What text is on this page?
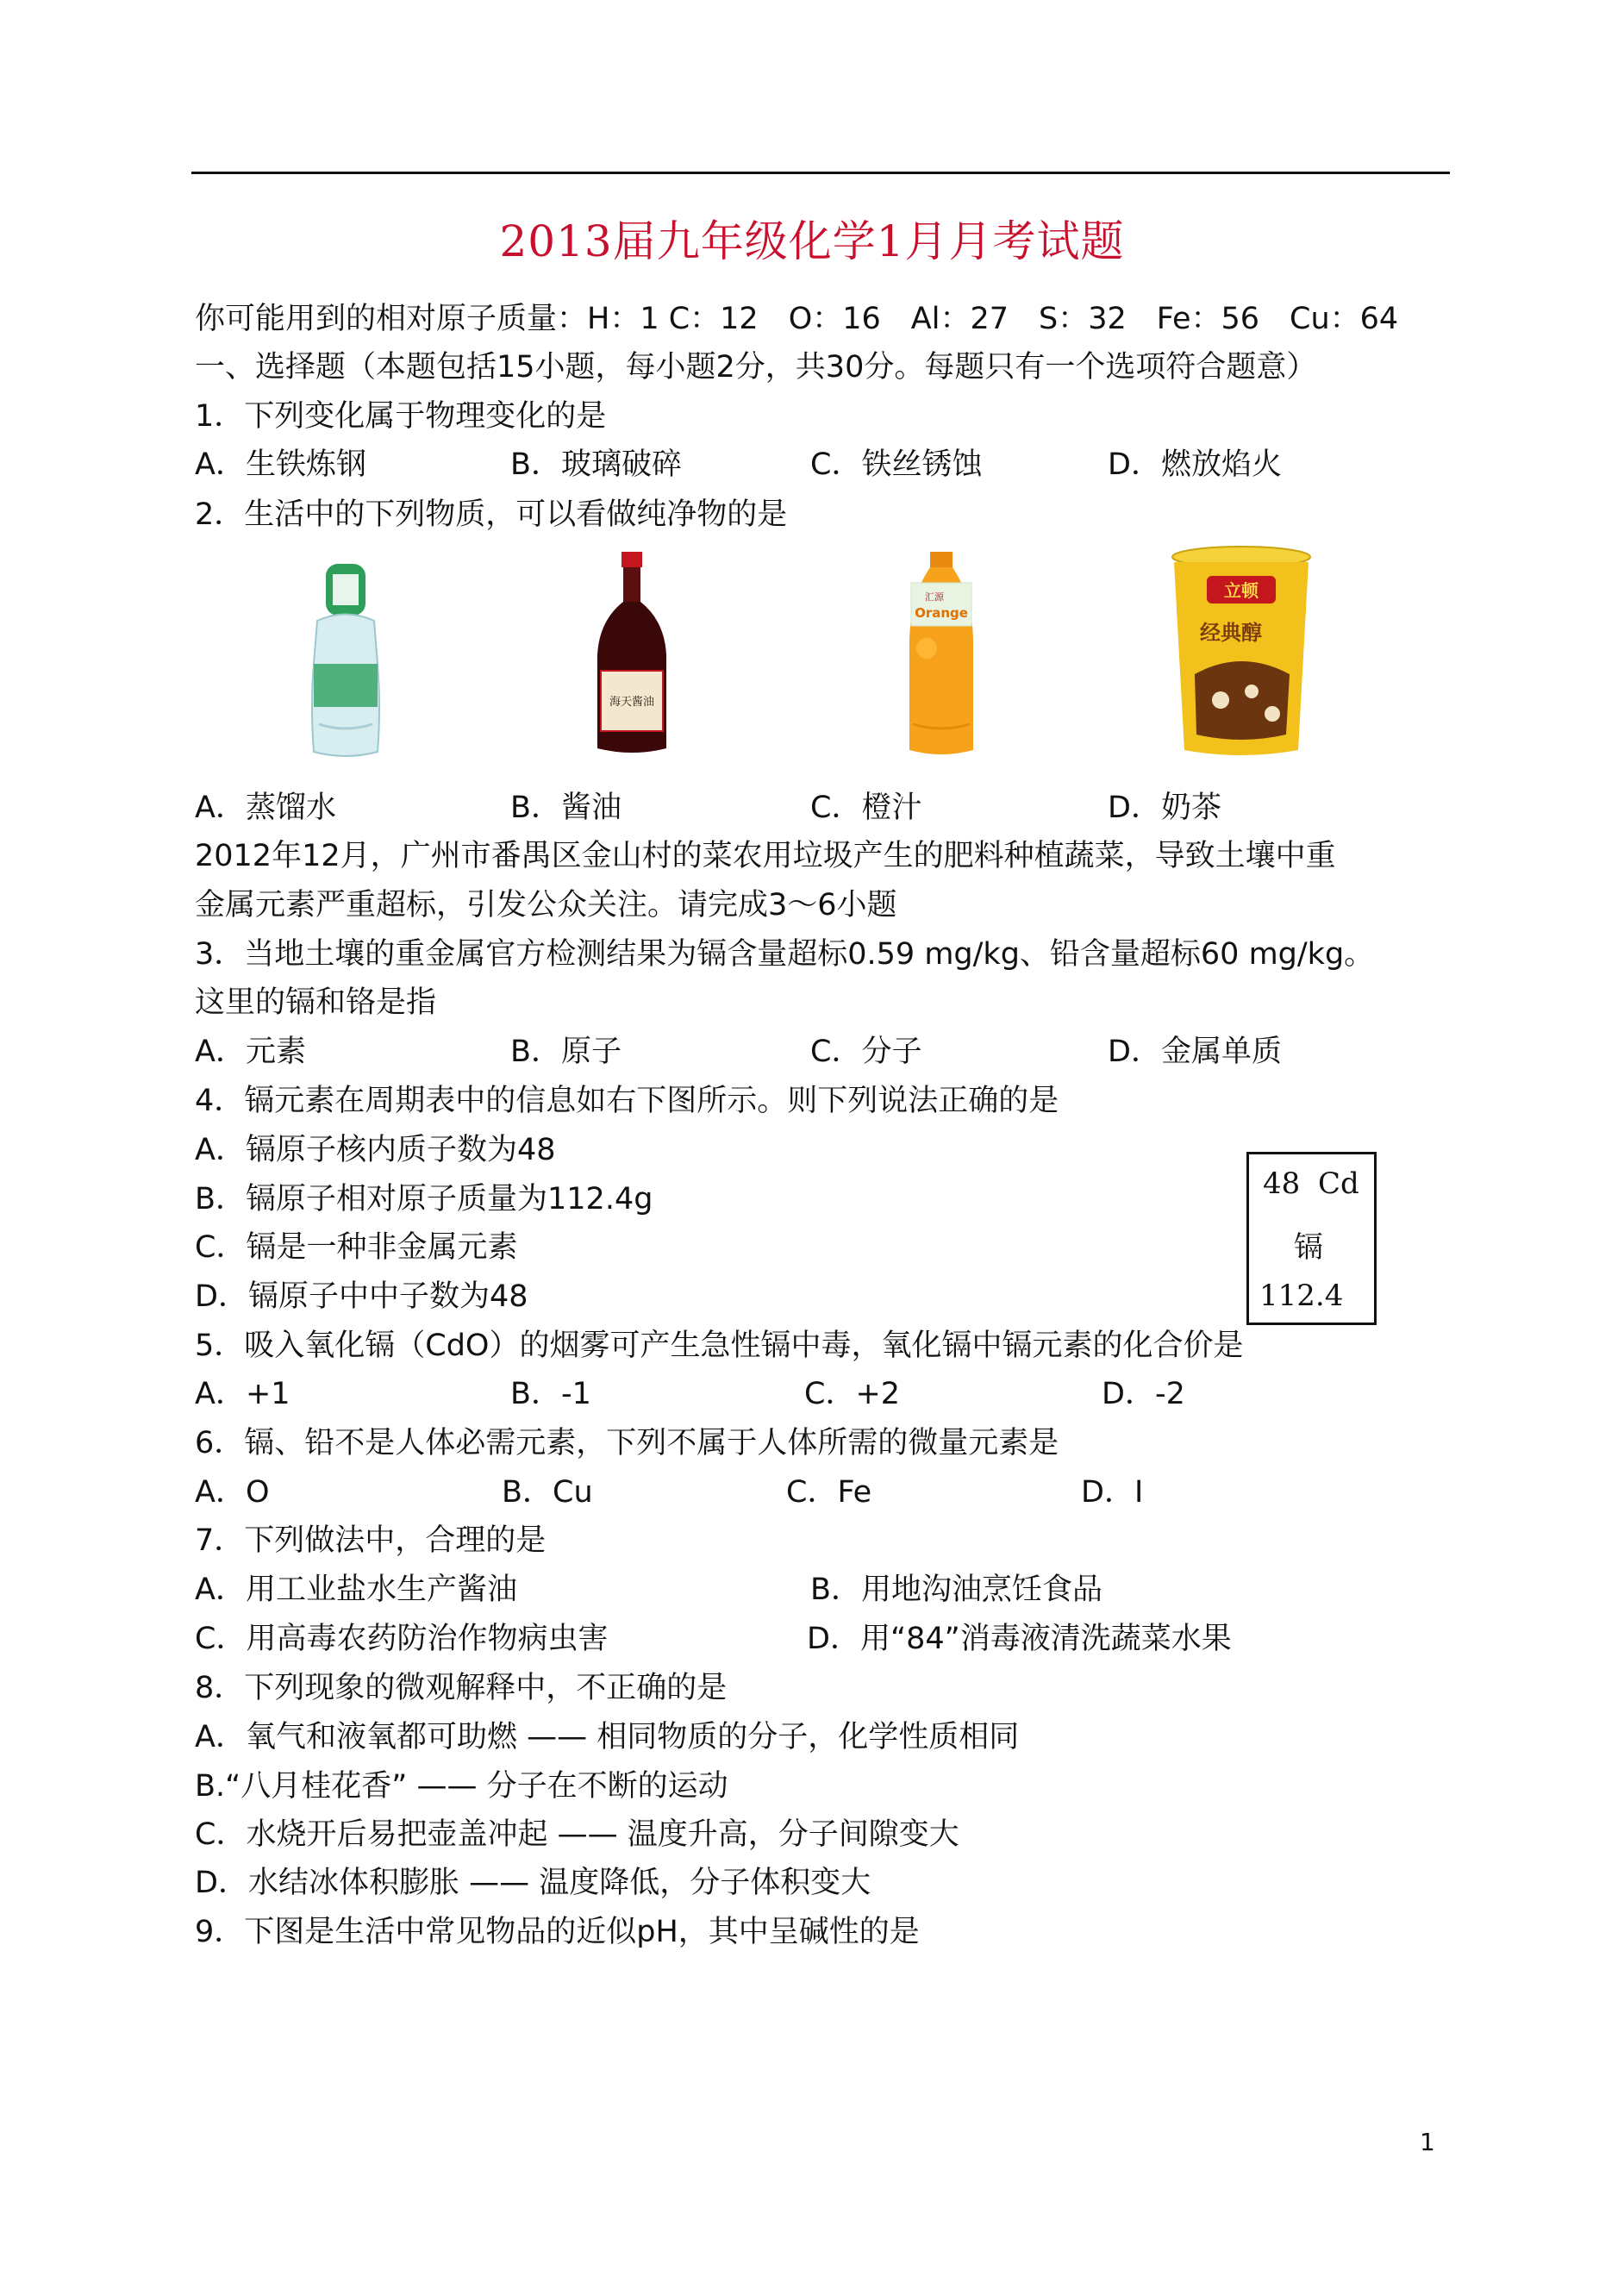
2013届九年级化学1月月考试题
你可能用到的相对原子质量：H：1 C：12　O：16　Al：27　S：32　Fe：56　Cu：64
一、选择题（本题包括15小题，每小题2分，共30分。每题只有一个选项符合题意）
1．下列变化属于物理变化的是
A．生铁炼钢	B．玻璃破碎	C．铁丝锈蚀	D．燃放焰火
2．生活中的下列物质，可以看做纯净物的是
海天酱油
汇源
Orange
立顿
经典醇
A．蒸馏水	B．酱油	C．橙汁	D．奶茶
2012年12月，广州市番禺区金山村的菜农用垃圾产生的肥料种植蔬菜，导致土壤中重
金属元素严重超标，引发公众关注。请完成3～6小题
3．当地土壤的重金属官方检测结果为镉含量超标0.59 mg/kg、铅含量超标60 mg/kg。
这里的镉和铬是指
A．元素	B．原子	C．分子	D．金属单质
4．镉元素在周期表中的信息如右下图所示。则下列说法正确的是
A．镉原子核内质子数为48
B．镉原子相对原子质量为112.4g
C．镉是一种非金属元素
D．镉原子中中子数为48
48 Cd
镉
112.4
5．吸入氧化镉（CdO）的烟雾可产生急性镉中毒，氧化镉中镉元素的化合价是
A．+1	B．-1	C．+2	D．-2
6．镉、铅不是人体必需元素，下列不属于人体所需的微量元素是
A．O	B．Cu	C．Fe	D．I
7．下列做法中，合理的是
A．用工业盐水生产酱油	B．用地沟油烹饪食品
C．用高毒农药防治作物病虫害	D．用“84”消毒液清洗蔬菜水果
8．下列现象的微观解释中，不正确的是
A．氧气和液氧都可助燃 —— 相同物质的分子，化学性质相同
B.“八月桂花香” —— 分子在不断的运动
C．水烧开后易把壶盖冲起 —— 温度升高，分子间隙变大
D．水结冰体积膨胀 —— 温度降低，分子体积变大
9．下图是生活中常见物品的近似pH，其中呈碱性的是
1
